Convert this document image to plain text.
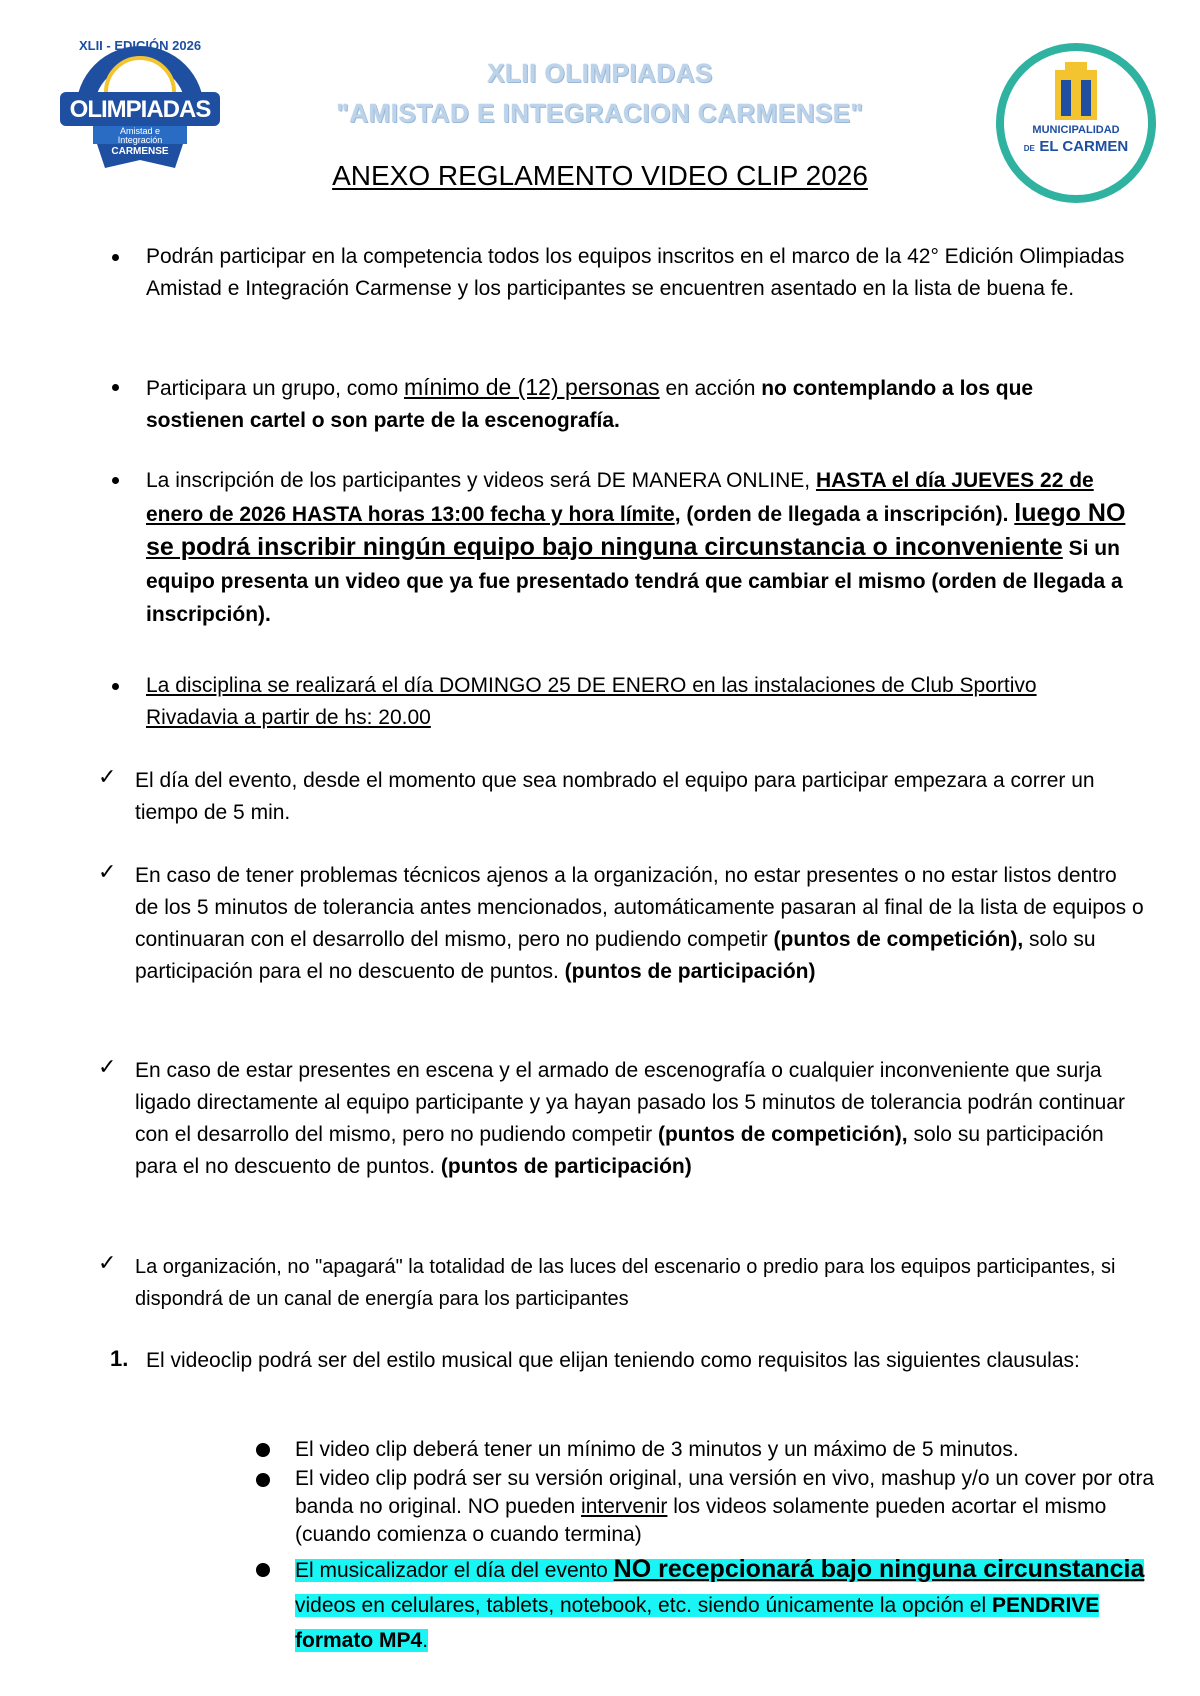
XLII - EDICIÓN 2026
OLIMPIADAS
Amistad e
Integración
CARMENSE
MUNICIPALIDAD
DE EL CARMEN
XLII OLIMPIADAS
"AMISTAD E INTEGRACION CARMENSE"
ANEXO REGLAMENTO VIDEO CLIP 2026
Podrán participar en la competencia todos los equipos inscritos en el marco de la 42° Edición Olimpiadas Amistad e Integración Carmense y los participantes se encuentren asentado en la lista de buena fe.
Participara un grupo, como mínimo de (12) personas en acción no contemplando a los que sostienen cartel o son parte de la escenografía.
La inscripción de los participantes y videos será DE MANERA ONLINE, HASTA el día JUEVES 22 de enero de 2026 HASTA horas 13:00 fecha y hora límite, (orden de llegada a inscripción). luego NO se podrá inscribir ningún equipo bajo ninguna circunstancia o inconveniente Si un equipo presenta un video que ya fue presentado tendrá que cambiar el mismo (orden de llegada a inscripción).
La disciplina se realizará el día DOMINGO 25 DE ENERO en las instalaciones de Club Sportivo Rivadavia a partir de hs: 20.00
✓ El día del evento, desde el momento que sea nombrado el equipo para participar empezara a correr un tiempo de 5 min.
✓ En caso de tener problemas técnicos ajenos a la organización, no estar presentes o no estar listos dentro de los 5 minutos de tolerancia antes mencionados, automáticamente pasaran al final de la lista de equipos o continuaran con el desarrollo del mismo, pero no pudiendo competir (puntos de competición), solo su participación para el no descuento de puntos. (puntos de participación)
✓ En caso de estar presentes en escena y el armado de escenografía o cualquier inconveniente que surja ligado directamente al equipo participante y ya hayan pasado los 5 minutos de tolerancia podrán continuar con el desarrollo del mismo, pero no pudiendo competir (puntos de competición), solo su participación para el no descuento de puntos. (puntos de participación)
✓ La organización, no "apagará" la totalidad de las luces del escenario o predio para los equipos participantes, si dispondrá de un canal de energía para los participantes
1. El videoclip podrá ser del estilo musical que elijan teniendo como requisitos las siguientes clausulas:
El video clip deberá tener un mínimo de 3 minutos y un máximo de 5 minutos.
El video clip podrá ser su versión original, una versión en vivo, mashup y/o un cover por otra banda no original. NO pueden intervenir los videos solamente pueden acortar el mismo (cuando comienza o cuando termina)
El musicalizador el día del evento NO recepcionará bajo ninguna circunstancia videos en celulares, tablets, notebook, etc. siendo únicamente la opción el PENDRIVE formato MP4.
